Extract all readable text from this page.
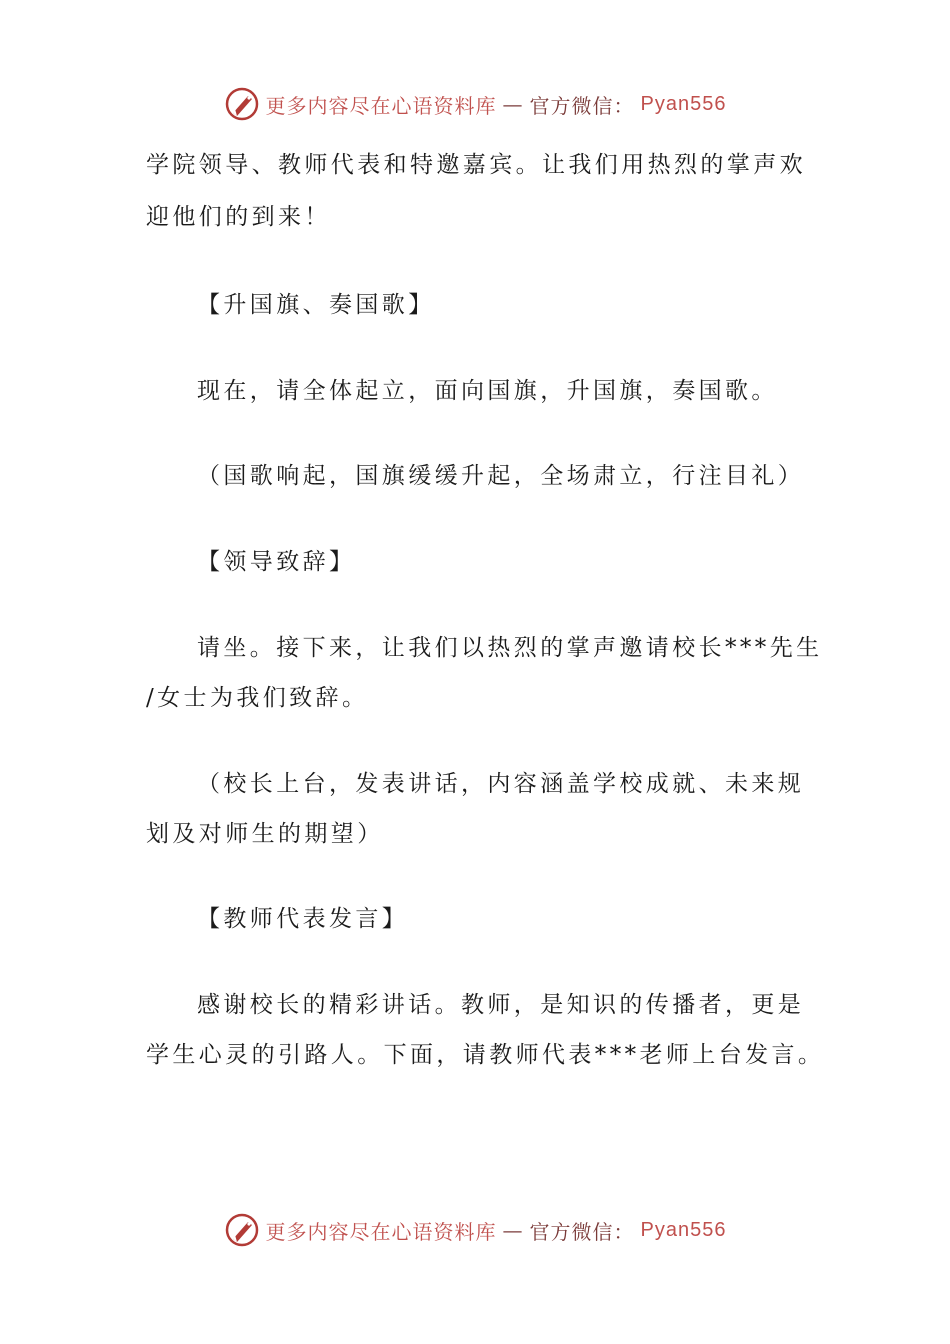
更多内容尽在心语资料库 — 官方微信： Pyan556
学院领导、教师代表和特邀嘉宾。让我们用热烈的掌声欢
迎他们的到来！
【升国旗、奏国歌】
现在，请全体起立，面向国旗，升国旗，奏国歌。
（国歌响起，国旗缓缓升起，全场肃立，行注目礼）
【领导致辞】
请坐。接下来，让我们以热烈的掌声邀请校长***先生
/女士为我们致辞。
（校长上台，发表讲话，内容涵盖学校成就、未来规
划及对师生的期望）
【教师代表发言】
感谢校长的精彩讲话。教师，是知识的传播者，更是
学生心灵的引路人。下面，请教师代表***老师上台发言。
更多内容尽在心语资料库 — 官方微信： Pyan556
